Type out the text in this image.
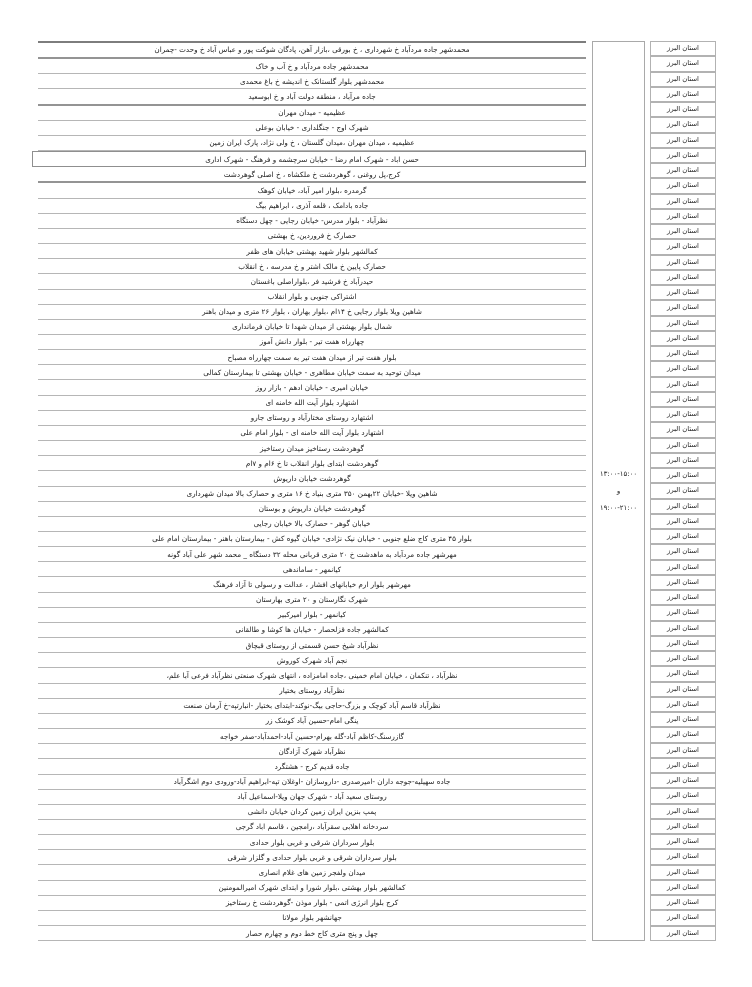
محمدشهر جاده مردآباد خ شهرداری ، خ بورقی ،بازار آهن، پادگان شوکت پور و عباس آباد خ وحدت -چمران
محمدشهر جاده مردآباد و خ آب و خاک
محمدشهر بلوار گلستانک خ اندیشه خ باغ محمدی
جاده مرآباد ، منطقه دولت آباد و خ ابوسعید
عظیمیه - میدان مهران
شهرک اوج - جنگلداری - خیابان بوعلی
عظیمیه ، میدان مهران ،میدان گلستان ، خ ولی نژاد، پارک ایران زمین
حسن اباد - شهرک امام رضا - خیابان سرچشمه و فرهنگ - شهرک اداری
کرج،پل روغنی ، گوهردشت خ ملکشاه ، خ اصلی گوهردشت
گرمدره ،بلوار امیر آباد، خیابان کوهک
جاده بادامک ، قلعه آذری ، ابراهیم بیگ
نظرآباد - بلوار مدرس- خیابان رجایی - چهل دستگاه
حصارک خ فروردین، خ بهشتی
کمالشهر بلوار شهید بهشتی خیابان های ظفر
حصارک پایین خ مالک اشتر و خ مدرسه ، خ انقلاب
حیدرآباد خ فرشید فر ،بلواراصلی باغستان
اشتراکی جنوبی و بلوار انقلاب
شاهین ویلا بلوار رجایی خ ۱۴ام ،بلوار بهاران ، بلوار ۲۶ متری و میدان باهنر
شمال بلوار بهشتی از میدان شهدا تا خیابان فرمانداری
چهارراه هفت تیر - بلوار دانش آموز
بلوار هفت تیر از میدان هفت تیر به سمت چهارراه مصباح
میدان توحید به سمت خیابان مطاهری - خیابان بهشتی تا بیمارستان کمالی
خیابان امیری - خیابان ادهم - بازار روز
اشتهارد بلوار آیت الله خامنه ای
اشتهارد روستای مختارآباد و روستای جارو
اشتهارد بلوار آیت الله خامنه ای - بلوار امام علی
گوهردشت رستاخیز میدان رستاخیز
گوهردشت ابتدای بلوار انقلاب تا خ ۶ام و ۷ام
گوهردشت خیابان داریوش
شاهین ویلا -خیابان ۲۲بهمن ۳۵۰ متری بنیاد خ ۱۶ متری و حصارک بالا میدان شهرداری
گوهردشت خیابان داریوش و بوستان
خیابان گوهر - حصارک بالا خیابان رجایی
بلوار ۴۵ متری کاج ضلع جنوبی - خیابان نیک نژادی- خیابان گیوه کش - بیمارستان باهنر - بیمارستان امام علی
مهرشهر جاده مردآباد به ماهدشت خ ۲۰ متری قربانی محله ۳۲ دستگاه _ محمد شهر علی آباد گونه
کیانمهر - ساماندهی
مهرشهر بلوار ارم خیابانهای افشار ، عدالت و رسولی تا آزاد فرهنگ
شهرک نگارستان و ۲۰ متری بهارستان
کیانمهر - بلوار امیرکبیر
کمالشهر جاده قزلحصار - خیابان ها کوشا و طالقانی
نظرآباد شیخ حسن قسمتی از روستای قبچاق
نجم آباد شهرک کوروش
نظرآباد ، تنکمان ، خیابان امام خمینی ،جاده امامزاده ، انتهای شهرک صنعتی نظرآباد فرعی آبا علم،
نظرآباد روستای بختیار
نظرآباد قاسم آباد کوچک و بزرگ-حاجی بیگ-نوکند-ابتدای بختیار -انبارتپه-خ آرمان صنعت
ینگی امام-حسین آباد کوشک زر
گازرسنگ-کاظم آباد-گله بهرام-حسین آباد-احمدآباد-صفر خواجه
نظرآباد شهرک آزادگان
جاده قدیم کرج - هشتگرد
جاده سهیلیه-جوجه داران -امیرصدری -داروسازان -اوغلان تپه-ابراهیم آباد-ورودی دوم اشگرآباد
روستای سعید آباد - شهرک جهان ویلا-اسماعیل آباد
پمپ بنزین ایران زمین کردان خیابان دانشی
سردخانه اهلابی سقرآباد ،رامجین ، قاسم اباد گرجی
بلوار سرداران شرقی و غربی بلوار حدادی
بلوار سرداران شرقی و غربی بلوار حدادی و گلزار شرقی
میدان ولفجر زمین های غلام انصاری
کمالشهر بلوار بهشتی ،بلوار شورا و ابتدای شهرک امیرالمومنین
کرج بلوار انرژی اتمی - بلوار موذن -گوهردشت خ رستاخیز
جهانشهر بلوار مولانا
چهل و پنج متری کاج خط دوم و چهارم حصار
۱۳:۰۰-۱۵:۰۰
و
۱۹:۰۰-۲۱:۰۰
استان البرز
استان البرز
استان البرز
استان البرز
استان البرز
استان البرز
استان البرز
استان البرز
استان البرز
استان البرز
استان البرز
استان البرز
استان البرز
استان البرز
استان البرز
استان البرز
استان البرز
استان البرز
استان البرز
استان البرز
استان البرز
استان البرز
استان البرز
استان البرز
استان البرز
استان البرز
استان البرز
استان البرز
استان البرز
استان البرز
استان البرز
استان البرز
استان البرز
استان البرز
استان البرز
استان البرز
استان البرز
استان البرز
استان البرز
استان البرز
استان البرز
استان البرز
استان البرز
استان البرز
استان البرز
استان البرز
استان البرز
استان البرز
استان البرز
استان البرز
استان البرز
استان البرز
استان البرز
استان البرز
استان البرز
استان البرز
استان البرز
استان البرز
استان البرز
